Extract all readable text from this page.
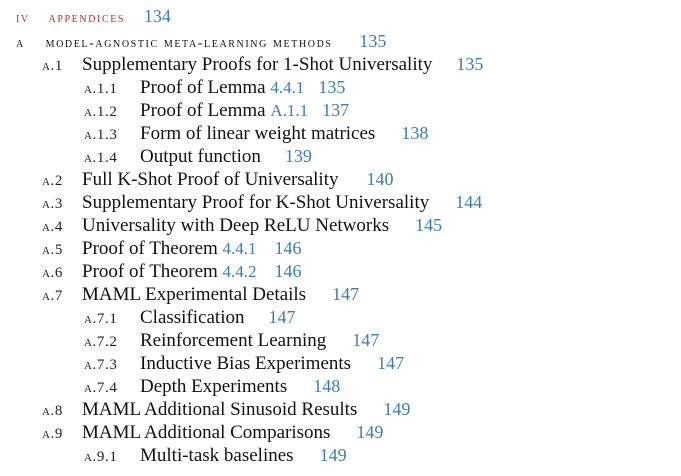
iv appendices 134
a model-agnostic meta-learning methods 135
a.1 Supplementary Proofs for 1-Shot Universality 135
a.1.1 Proof of Lemma 4.4.1 135
a.1.2 Proof of Lemma A.1.1 137
a.1.3 Form of linear weight matrices 138
a.1.4 Output function 139
a.2 Full K-Shot Proof of Universality 140
a.3 Supplementary Proof for K-Shot Universality 144
a.4 Universality with Deep ReLU Networks 145
a.5 Proof of Theorem 4.4.1 146
a.6 Proof of Theorem 4.4.2 146
a.7 MAML Experimental Details 147
a.7.1 Classification 147
a.7.2 Reinforcement Learning 147
a.7.3 Inductive Bias Experiments 147
a.7.4 Depth Experiments 148
a.8 MAML Additional Sinusoid Results 149
a.9 MAML Additional Comparisons 149
a.9.1 Multi-task baselines 149
